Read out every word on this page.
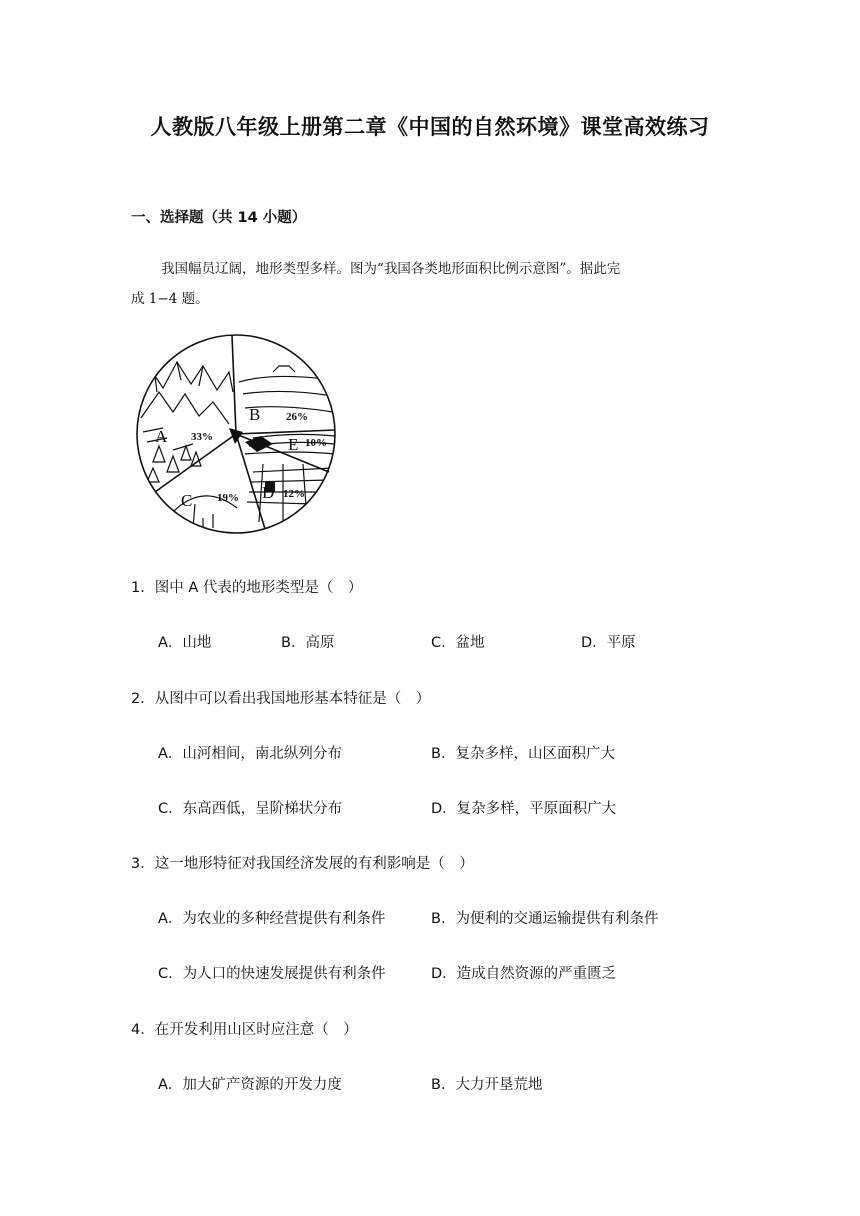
人教版八年级上册第二章《中国的自然环境》课堂高效练习
一、选择题（共 14 小题）
我国幅员辽阔，地形类型多样。图为“我国各类地形面积比例示意图”。据此完
成 1−4 题。
A 33%
B 26%
E 10%
D 12%
C 19%
1．图中 A 代表的地形类型是（　）
A．山地	B．高原	C．盆地	D．平原
2．从图中可以看出我国地形基本特征是（　）
A．山河相间，南北纵列分布	B．复杂多样，山区面积广大
C．东高西低，呈阶梯状分布	D．复杂多样，平原面积广大
3．这一地形特征对我国经济发展的有利影响是（　）
A．为农业的多种经营提供有利条件	B．为便利的交通运输提供有利条件
C．为人口的快速发展提供有利条件	D．造成自然资源的严重匮乏
4．在开发利用山区时应注意（　）
A．加大矿产资源的开发力度	B．大力开垦荒地
